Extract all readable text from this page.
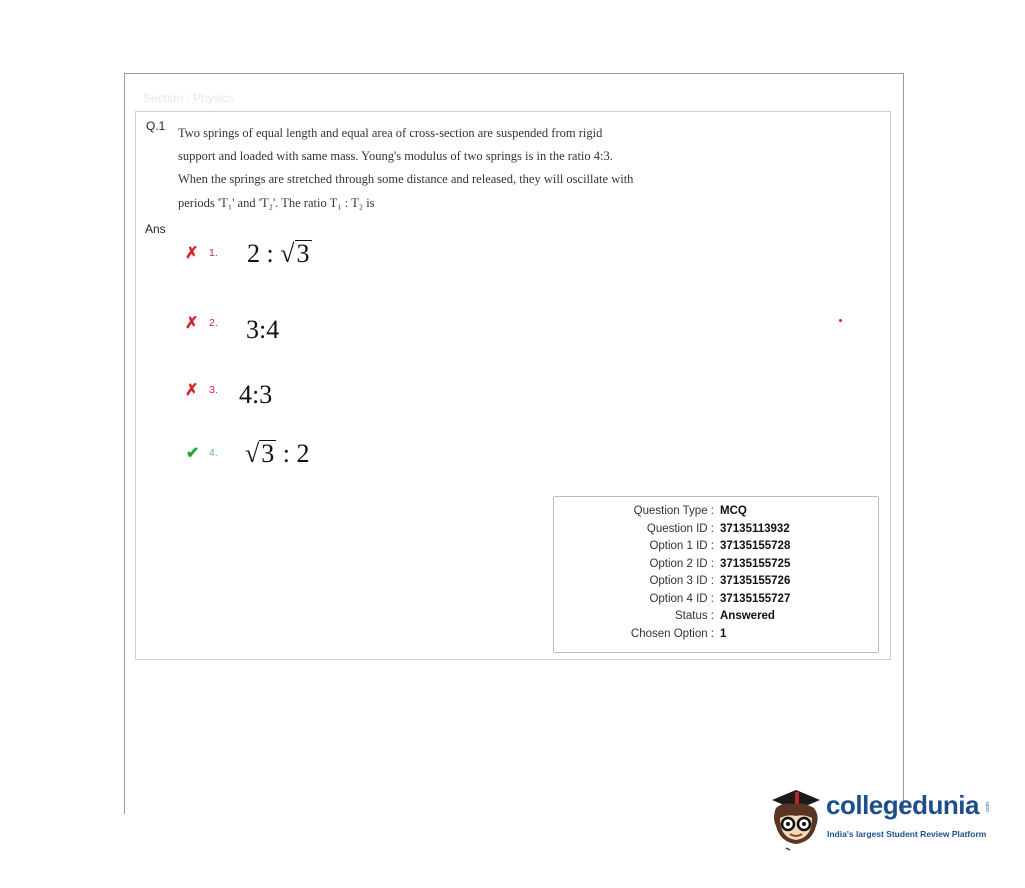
Section : Physics
Q.1 Two springs of equal length and equal area of cross-section are suspended from rigid support and loaded with same mass. Young's modulus of two springs is in the ratio 4:3. When the springs are stretched through some distance and released, they will oscillate with periods 'T₁' and 'T₂'. The ratio T₁ : T₂ is
Ans
✗ 1. 2 : √3
✗ 2. 3:4
✗ 3. 4:3
✔ 4. √3 : 2
Question Type : MCQ
Question ID : 37135113932
Option 1 ID : 37135155728
Option 2 ID : 37135155725
Option 3 ID : 37135155726
Option 4 ID : 37135155727
Status : Answered
Chosen Option : 1
collegedunia .com
India's largest Student Review Platform
